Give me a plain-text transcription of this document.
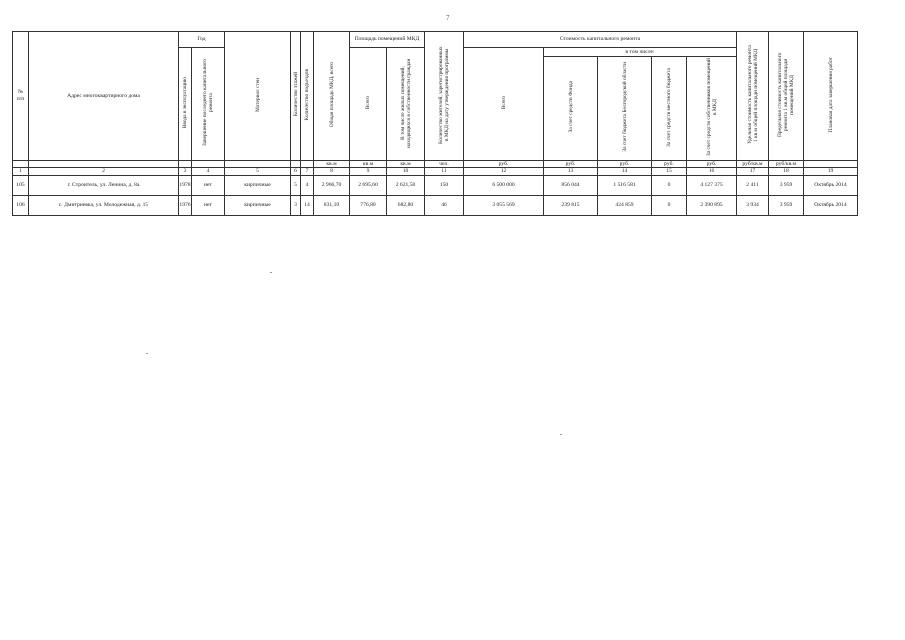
7
№
п/п	Адрес многоквартирного дома	Год		Материал стен	Количество этажей	Количество подъездов	Общая площадь МКД, всего	Площадь помещений МКД		Количество жителей, зарегистрированных в МКД на дату утверждения программы	Стоимость капитального ремонта					Удельная стоимость капитального ремонта 1 кв.м общей площади помещений МКД	Предельная стоимость капитального ремонта 1 кв.м общей площади помещений МКД	Плановая дата завершения работ
		Ввода в эксплуатацию	Завершение последнего капитального ремонта					Всего	В том числе жилых помещений, находящихся в собственности граждан		Всего	в том числе:						
												За счет средств Фонда	За счет бюджета Белгородской области	За счет средств местного бюджета	За счет средств собственников помещений в МКД			
							кв.м	кв.м	кв.м	чел.	руб.	руб.	руб.	руб.	руб.	руб/кв.м	руб/кв.м	
1	2	3	4	5	6	7	8	9	10	11	12	13	14	15	16	17	18	19
105	г. Строитель, ул. Ленина, д. 8а	1978	нет	кирпичные	5	4	2 966,70	2 695,60	2 621,50	150	6 500 000	856 044	1 516 581	0	4 127 375	2 411	3 959	Октябрь 2014
106	с. Дмитриевка, ул. Молодежная, д. 15	1976	нет	кирпичные	3	14	831,10	776,80	682,80	46	3 055 569	239 815	424 859	0	2 390 895	3 934	3 959	Октябрь 2014
